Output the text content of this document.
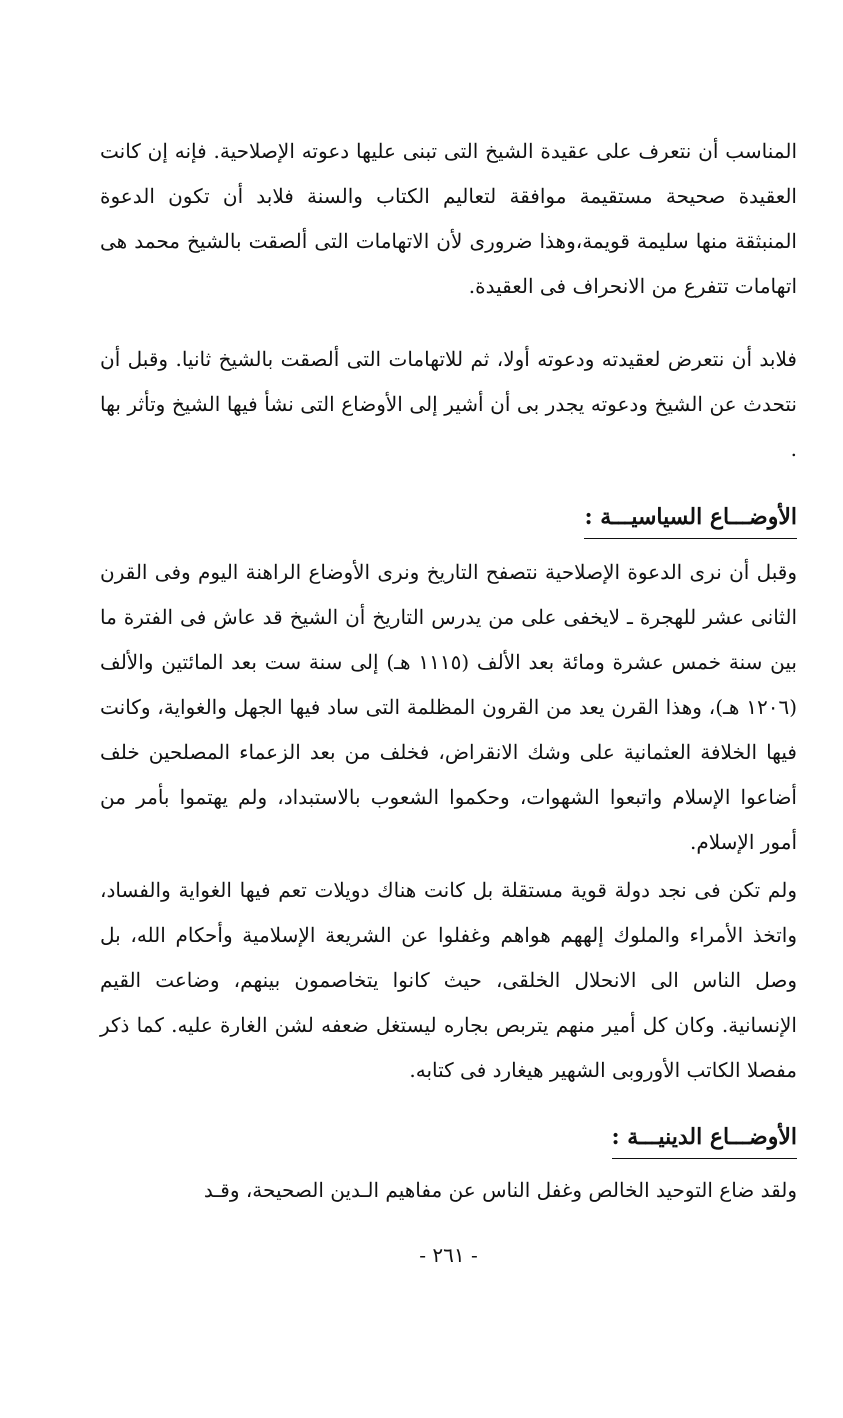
المناسب أن نتعرف على عقيدة الشيخ التى تبنى عليها دعوته الإصلاحية. فإنه إن كانت العقيدة صحيحة مستقيمة موافقة لتعاليم الكتاب والسنة فلابد أن تكون الدعوة المنبثقة منها سليمة قويمة،وهذا ضرورى لأن الاتهامات التى ألصقت بالشيخ محمد هى اتهامات تتفرع من الانحراف فى العقيدة.

فلابد أن نتعرض لعقيدته ودعوته أولا، ثم للاتهامات التى ألصقت بالشيخ ثانيا. وقبل أن نتحدث عن الشيخ ودعوته يجدر بى أن أشير إلى الأوضاع التى نشأ فيها الشيخ وتأثر بها .

الأوضـــاع السياسيـــة :

وقبل أن نرى الدعوة الإصلاحية نتصفح التاريخ ونرى الأوضاع الراهنة اليوم وفى القرن الثانى عشر للهجرة ـ لايخفى على من يدرس التاريخ أن الشيخ قد عاش فى الفترة ما بين سنة خمس عشرة ومائة بعد الألف (١١١٥ هـ) إلى سنة ست بعد المائتين والألف (١٢٠٦ هـ)، وهذا القرن يعد من القرون المظلمة التى ساد فيها الجهل والغواية، وكانت فيها الخلافة العثمانية على وشك الانقراض، فخلف من بعد الزعماء المصلحين خلف أضاعوا الإسلام واتبعوا الشهوات، وحكموا الشعوب بالاستبداد، ولم يهتموا بأمر من أمور الإسلام.

ولم تكن فى نجد دولة قوية مستقلة بل كانت هناك دويلات تعم فيها الغواية والفساد، واتخذ الأمراء والملوك إلههم هواهم وغفلوا عن الشريعة الإسلامية وأحكام الله، بل وصل الناس الى الانحلال الخلقى، حيث كانوا يتخاصمون بينهم، وضاعت القيم الإنسانية. وكان كل أمير منهم يتربص بجاره ليستغل ضعفه لشن الغارة عليه. كما ذكر مفصلا الكاتب الأوروبى الشهير هيغارد فى كتابه.

الأوضـــاع الدينيـــة :

ولقد ضاع التوحيد الخالص وغفل الناس عن مفاهيم الـدين الصحيحة، وقـد

- ٢٦١ -
